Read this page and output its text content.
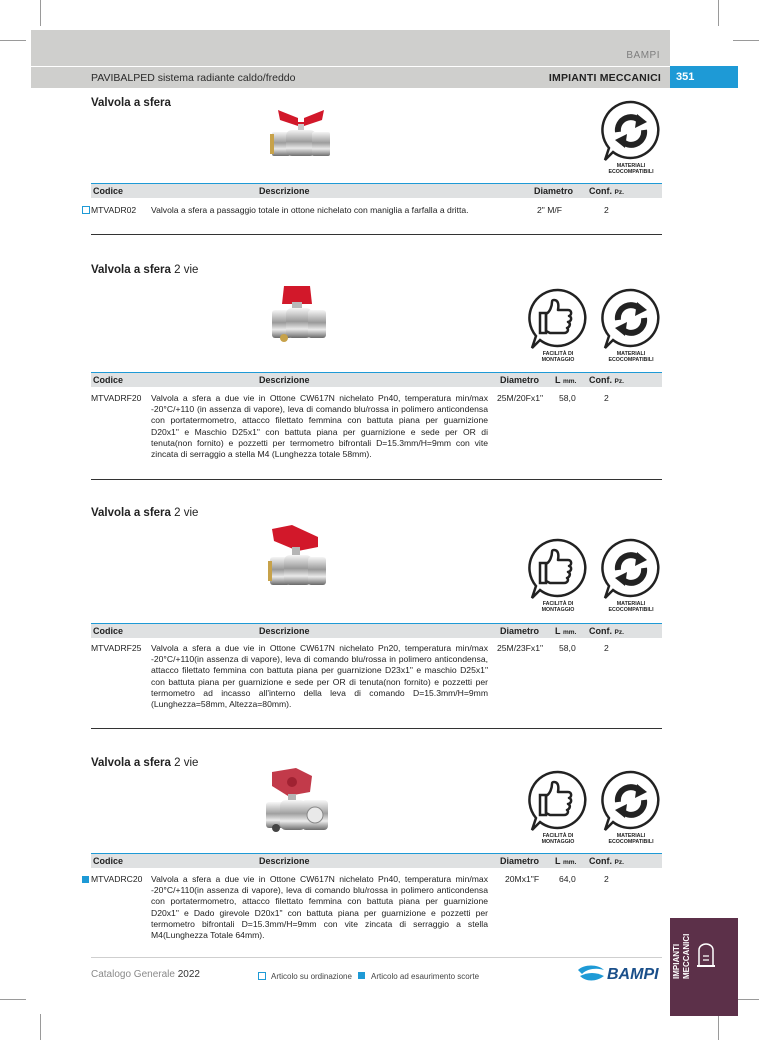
BAMPI
PAVIBALPED sistema radiante caldo/freddo	IMPIANTI MECCANICI	351
Valvola a sfera
MATERIALI
ECOCOMPATIBILI
Codice	Descrizione	Diametro Conf. Pz.
MTVADR02 Valvola a sfera a passaggio totale in ottone nichelato con maniglia a farfalla a dritta.	2" M/F	2
Valvola a sfera 2 vie
FACILITÀ DI
MONTAGGIO
MATERIALI
ECOCOMPATIBILI
Codice	Descrizione	Diametro L mm. Conf. Pz.
MTVADRF20 Valvola a sfera a due vie in Ottone CW617N nichelato Pn40, temperatura min/max -20°C/+110 (in assenza di vapore), leva di comando blu/rossa in polimero anticondensa con portatermometro, attacco filettato femmina con battuta piana per guarnizione D20x1" e Maschio D25x1" con battuta piana per guarnizione e sede per OR di tenuta(non fornito) e pozzetti per termometro bifrontali D=15.3mm/H=9mm con vite zincata di serraggio a stella M4 (Lunghezza totale 58mm).
25M/20Fx1" 58,0	2
Valvola a sfera 2 vie
FACILITÀ DI
MONTAGGIO
MATERIALI
ECOCOMPATIBILI
Codice	Descrizione	Diametro L mm. Conf. Pz.
MTVADRF25 Valvola a sfera a due vie in Ottone CW617N nichelato Pn20, temperatura min/max -20°C/+110(in assenza di vapore), leva di comando blu/rossa in polimero anticondensa, attacco filettato femmina con battuta piana per guarnizione D23x1" e maschio D25x1" con battuta piana per guarnizione e sede per OR di tenuta(non fornito) e pozzetti per termometro ad incasso all'interno della leva di comando D=15.3mm/H=9mm (Lunghezza=58mm, Altezza=80mm).
25M/23Fx1" 58,0	2
Valvola a sfera 2 vie
FACILITÀ DI
MONTAGGIO
MATERIALI
ECOCOMPATIBILI
Codice	Descrizione	Diametro L mm. Conf. Pz.
MTVADRC20 Valvola a sfera a due vie in Ottone CW617N nichelato Pn40, temperatura min/max -20°C/+110(in assenza di vapore), leva di comando blu/rossa in polimero anticondensa con portatermometro, attacco filettato femmina con battuta piana per guarnizione D20x1" e Dado girevole D20x1" con battuta piana per guarnizione e pozzetti per termometro bifrontali D=15.3mm/H=9mm con vite zincata di serraggio a stella M4(Lunghezza Totale 64mm).
20Mx1"F 64,0	2
Catalogo Generale 2022	Articolo su ordinazione Articolo ad esaurimento scorte	BAMPI IMPIANTI MECCANICI
